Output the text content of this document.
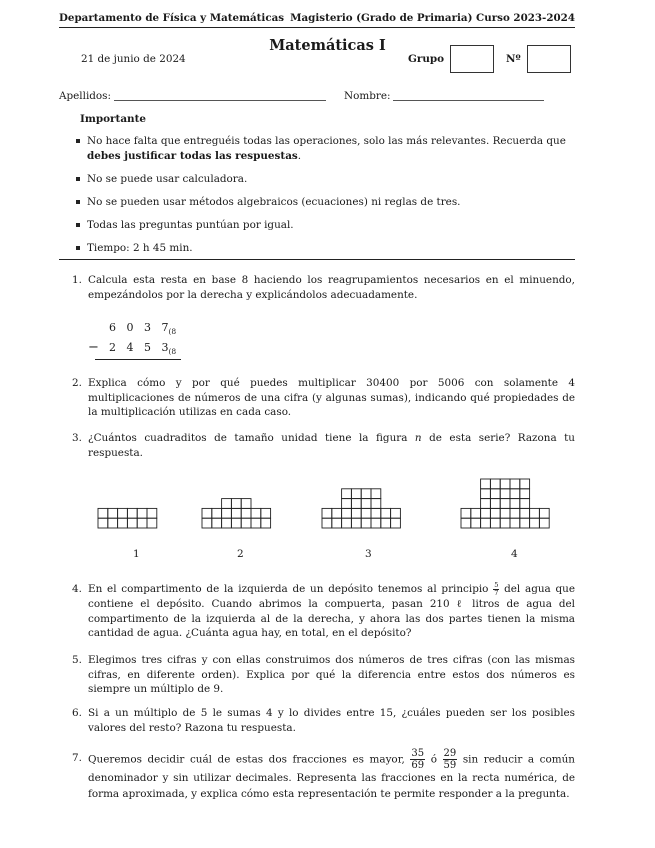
Departamento de Física y Matemáticas Magisterio (Grado de Primaria) Curso 2023-2024
Matemáticas I
21 de junio de 2024	Grupo	Nº
Apellidos:	Nombre:
Importante
No hace falta que entreguéis todas las operaciones, solo las más relevantes. Recuerda que debes justificar todas las respuestas.
No se puede usar calculadora.
No se pueden usar métodos algebraicos (ecuaciones) ni reglas de tres.
Todas las preguntas puntúan por igual.
Tiempo: 2 h 45 min.
1. Calcula esta resta en base 8 haciendo los reagrupamientos necesarios en el minuendo, empezándolos por la derecha y explicándolos adecuadamente.
6 0 3 $7_{(8}$
− 2 4 5 $3_{(8}$
2. Explica cómo y por qué puedes multiplicar 30400 por 5006 con solamente 4 multiplicaciones de números de una cifra (y algunas sumas), indicando qué propiedades de la multiplicación utilizas en cada caso.
3. ¿Cuántos cuadraditos de tamaño unidad tiene la figura n de esta serie? Razona tu respuesta.
1	2	3	4
4. En el compartimento de la izquierda de un depósito tenemos al principio $\frac{5}{7}$ del agua que contiene el depósito. Cuando abrimos la compuerta, pasan 210 ℓ litros de agua del compartimento de la izquierda al de la derecha, y ahora las dos partes tienen la misma cantidad de agua. ¿Cuánta agua hay, en total, en el depósito?
5. Elegimos tres cifras y con ellas construimos dos números de tres cifras (con las mismas cifras, en diferente orden). Explica por qué la diferencia entre estos dos números es siempre un múltiplo de 9.
6. Si a un múltiplo de 5 le sumas 4 y lo divides entre 15, ¿cuáles pueden ser los posibles valores del resto? Razona tu respuesta.
7. Queremos decidir cuál de estas dos fracciones es mayor, $\frac{35}{69}$ ó $\frac{29}{59}$ sin reducir a común denominador y sin utilizar decimales. Representa las fracciones en la recta numérica, de forma aproximada, y explica cómo esta representación te permite responder a la pregunta.
